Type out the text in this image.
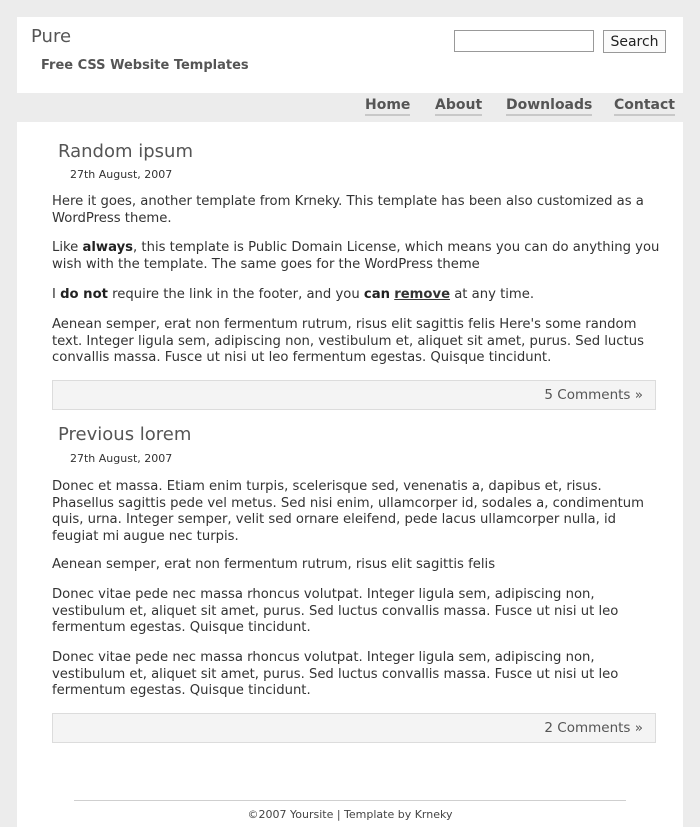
Pure
Free CSS Website Templates
Search
Home About Downloads Contact
Random ipsum
27th August, 2007

Here it goes, another template from Krneky. This template has been also customized as a WordPress theme.

Like always, this template is Public Domain License, which means you can do anything you wish with the template. The same goes for the WordPress theme

I do not require the link in the footer, and you can remove at any time.

Aenean semper, erat non fermentum rutrum, risus elit sagittis felis Here's some random text. Integer ligula sem, adipiscing non, vestibulum et, aliquet sit amet, purus. Sed luctus convallis massa. Fusce ut nisi ut leo fermentum egestas. Quisque tincidunt.

5 Comments »
Previous lorem
27th August, 2007

Donec et massa. Etiam enim turpis, scelerisque sed, venenatis a, dapibus et, risus. Phasellus sagittis pede vel metus. Sed nisi enim, ullamcorper id, sodales a, condimentum quis, urna. Integer semper, velit sed ornare eleifend, pede lacus ullamcorper nulla, id feugiat mi augue nec turpis.

Aenean semper, erat non fermentum rutrum, risus elit sagittis felis

Donec vitae pede nec massa rhoncus volutpat. Integer ligula sem, adipiscing non, vestibulum et, aliquet sit amet, purus. Sed luctus convallis massa. Fusce ut nisi ut leo fermentum egestas. Quisque tincidunt.

Donec vitae pede nec massa rhoncus volutpat. Integer ligula sem, adipiscing non, vestibulum et, aliquet sit amet, purus. Sed luctus convallis massa. Fusce ut nisi ut leo fermentum egestas. Quisque tincidunt.

2 Comments »
©2007 Yoursite | Template by Krneky
